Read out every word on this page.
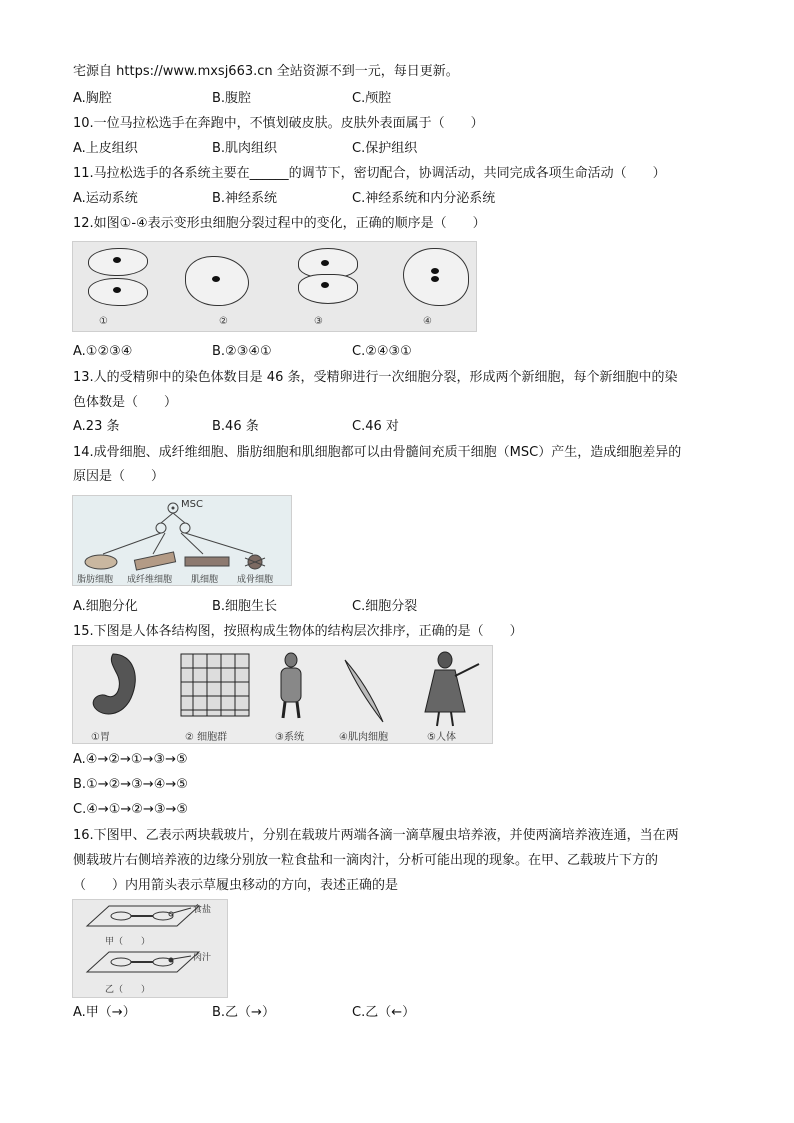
宅源自 https://www.mxsj663.cn 全站资源不到一元，每日更新。
A.胸腔	B.腹腔	C.颅腔
10.一位马拉松选手在奔跑中，不慎划破皮肤。皮肤外表面属于（　　）
A.上皮组织	B.肌肉组织	C.保护组织
11.马拉松选手的各系统主要在______的调节下，密切配合，协调活动，共同完成各项生命活动（　　）
A.运动系统	B.神经系统	C.神经系统和内分泌系统
12.如图①-④表示变形虫细胞分裂过程中的变化，正确的顺序是（　　）
①	②	③	④
A.①②③④	B.②③④①	C.②④③①
13.人的受精卵中的染色体数目是 46 条，受精卵进行一次细胞分裂，形成两个新细胞，每个新细胞中的染
色体数是（　　）
A.23 条	B.46 条	C.46 对
14.成骨细胞、成纤维细胞、脂肪细胞和肌细胞都可以由骨髓间充质干细胞（MSC）产生，造成细胞差异的
原因是（　　）
MSC
脂肪细胞 成纤维细胞 肌细胞 成骨细胞
A.细胞分化	B.细胞生长	C.细胞分裂
15.下图是人体各结构图，按照构成生物体的结构层次排序，正确的是（　　）
①胃	② 细胞群	③系统	④肌肉细胞	⑤人体
A.④→②→①→③→⑤
B.①→②→③→④→⑤
C.④→①→②→③→⑤
16.下图甲、乙表示两块载玻片，分别在载玻片两端各滴一滴草履虫培养液，并使两滴培养液连通，当在两
侧载玻片右侧培养液的边缘分别放一粒食盐和一滴肉汁，分析可能出现的现象。在甲、乙载玻片下方的
（　　）内用箭头表示草履虫移动的方向，表述正确的是
食盐
肉汁
甲（　　）
乙（　　）
A.甲（→）	B.乙（→）	C.乙（←）
